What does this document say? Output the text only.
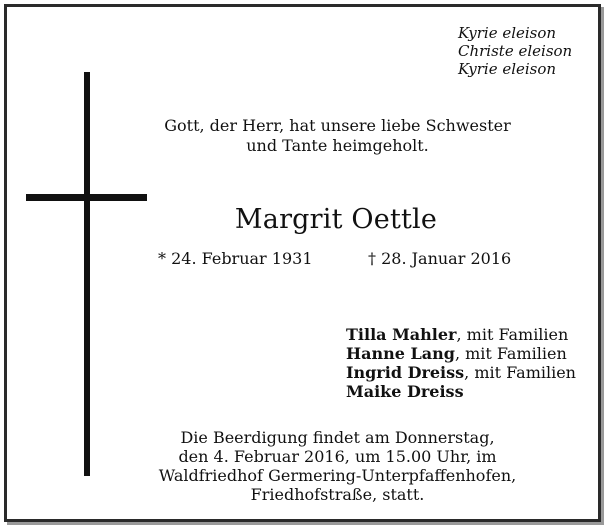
Kyrie eleison
Christe eleison
Kyrie eleison
Gott, der Herr, hat unsere liebe Schwester
und Tante heimgeholt.
Margrit Oettle
* 24. Februar 1931	† 28. Januar 2016
Tilla Mahler, mit Familien
Hanne Lang, mit Familien
Ingrid Dreiss, mit Familien
Maike Dreiss
Die Beerdigung findet am Donnerstag,
den 4. Februar 2016, um 15.00 Uhr, im
Waldfriedhof Germering-Unterpfaffenhofen,
Friedhofstraße, statt.
